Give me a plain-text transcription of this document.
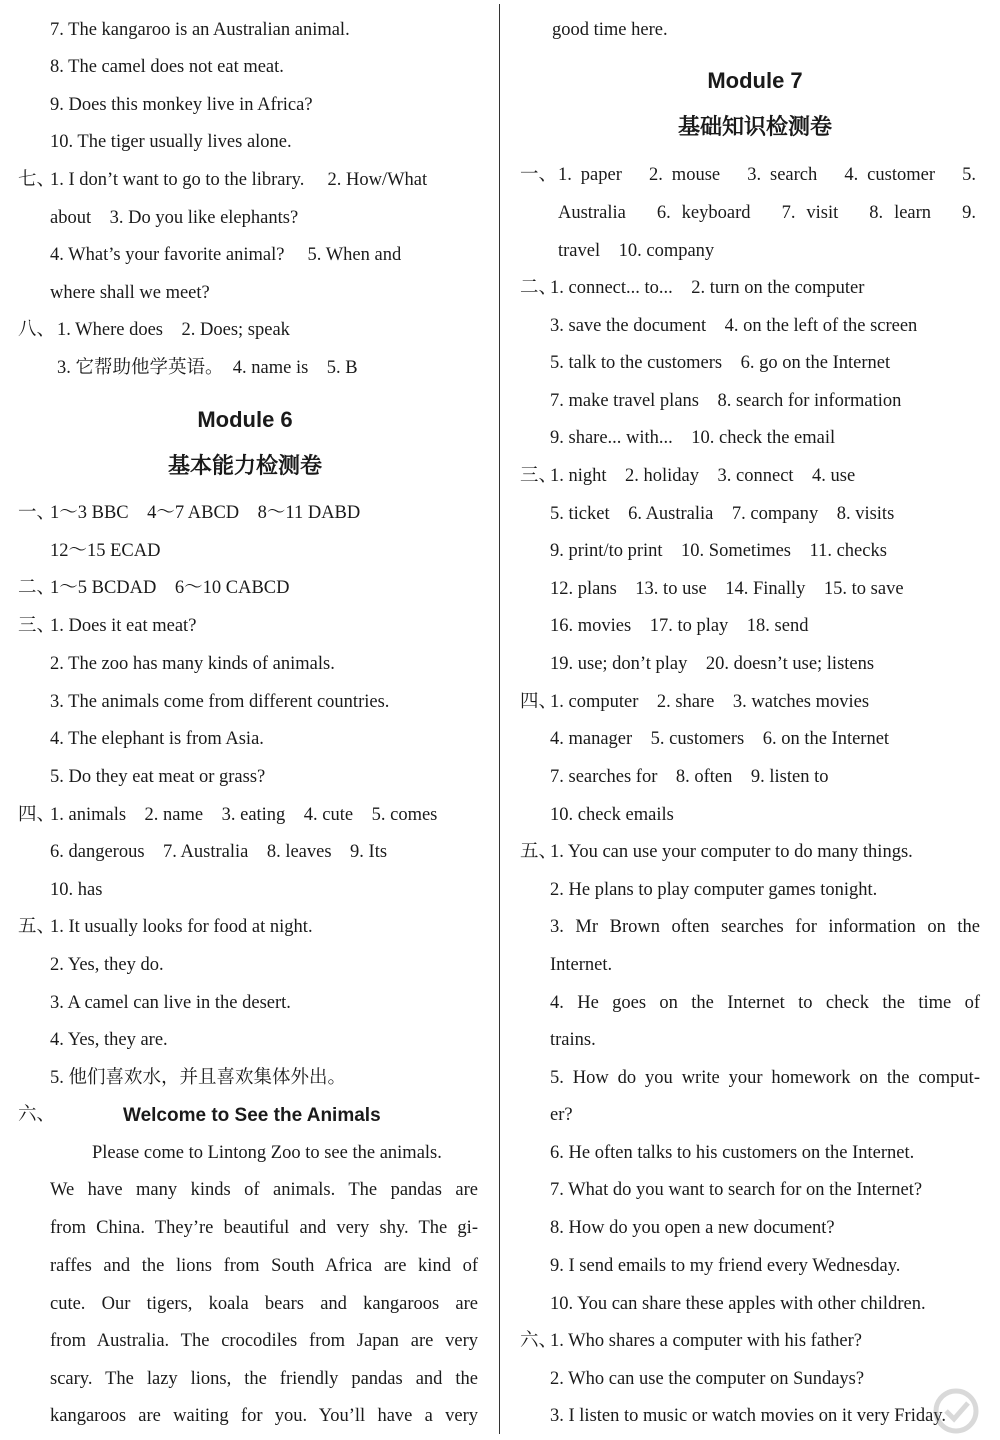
7. The kangaroo is an Australian animal.
8. The camel does not eat meat.
9. Does this monkey live in Africa?
10. The tiger usually lives alone.
七、
1. I don’t want to go to the library.　 2. How/What
about　3. Do you like elephants?
4. What’s your favorite animal?　 5. When and
where shall we meet?
八、 1. Where does　2. Does; speak
3. 它帮助他学英语。　4. name is　5. B
Module 6
基本能力检测卷
一、
1～3 BBC　4～7 ABCD　8～11 DABD
12～15 ECAD
二、
1～5 BCDAD　6～10 CABCD
三、
1. Does it eat meat?
2. The zoo has many kinds of animals.
3. The animals come from different countries.
4. The elephant is from Asia.
5. Do they eat meat or grass?
四、
1. animals　2. name　3. eating　4. cute　5. comes
6. dangerous　7. Australia　8. leaves　9. Its
10. has
五、
1. It usually looks for food at night.
2. Yes, they do.
3. A camel can live in the desert.
4. Yes, they are.
5. 他们喜欢水，并且喜欢集体外出。
六、	Welcome to See the Animals
Please come to Lintong Zoo to see the animals.
We have many kinds of animals. The pandas are
from China. They’re beautiful and very shy. The gi-
raffes and the lions from South Africa are kind of
cute. Our tigers, koala bears and kangaroos are
from Australia. The crocodiles from Japan are very
scary. The lazy lions, the friendly pandas and the
kangaroos are waiting for you. You’ll have a very
good time here.
Module 7
基础知识检测卷
一、 1. paper　2. mouse　3. search　4. customer　5.
Australia　6. keyboard　7. visit　8. learn　9.
travel　10. company
二、
1. connect... to...　2. turn on the computer
3. save the document　4. on the left of the screen
5. talk to the customers　6. go on the Internet
7. make travel plans　8. search for information
9. share... with...　10. check the email
三、
1. night　2. holiday　3. connect　4. use
5. ticket　6. Australia　7. company　8. visits
9. print/to print　10. Sometimes　11. checks
12. plans　13. to use　14. Finally　15. to save
16. movies　17. to play　18. send
19. use; don’t play　20. doesn’t use; listens
四、
1. computer　2. share　3. watches movies
4. manager　5. customers　6. on the Internet
7. searches for　8. often　9. listen to
10. check emails
五、
1. You can use your computer to do many things.
2. He plans to play computer games tonight.
3. Mr Brown often searches for information on the
Internet.
4. He goes on the Internet to check the time of
trains.
5. How do you write your homework on the comput-
er?
6. He often talks to his customers on the Internet.
7. What do you want to search for on the Internet?
8. How do you open a new document?
9. I send emails to my friend every Wednesday.
10. You can share these apples with other children.
六、
1. Who shares a computer with his father?
2. Who can use the computer on Sundays?
3. I listen to music or watch movies on it very Friday.
